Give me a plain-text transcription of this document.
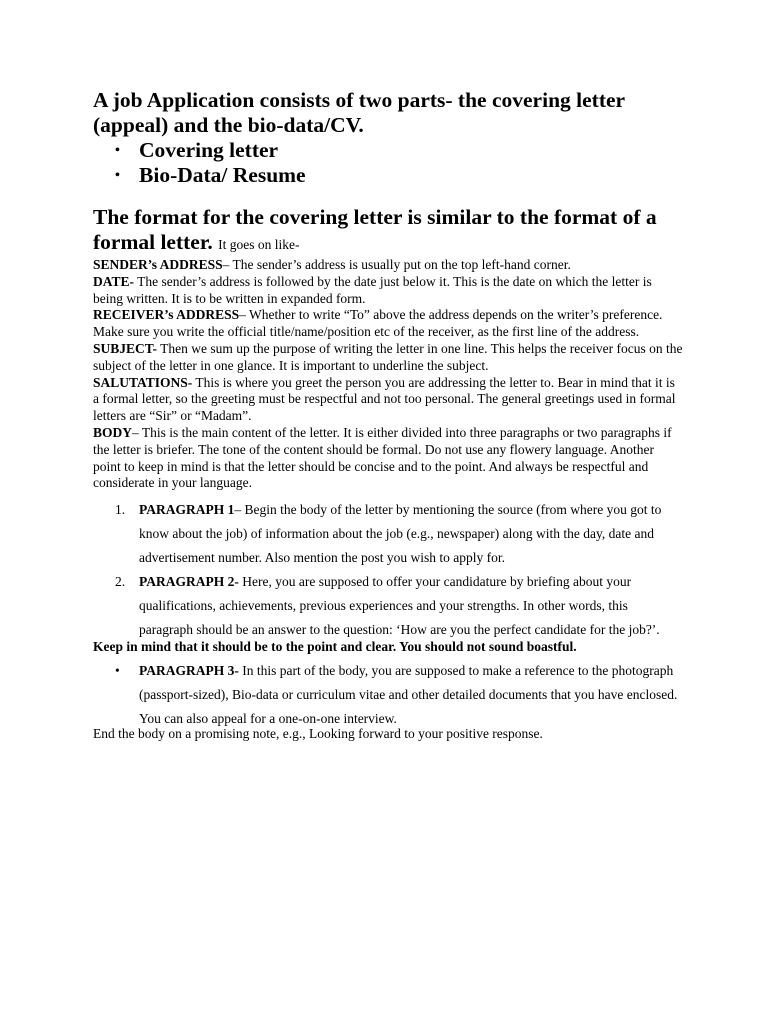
A job Application consists of two parts- the covering letter (appeal) and the bio-data/CV.

• Covering letter
• Bio-Data/ Resume

The format for the covering letter is similar to the format of a formal letter. It goes on like-

SENDER’s ADDRESS– The sender’s address is usually put on the top left-hand corner.

DATE- The sender’s address is followed by the date just below it. This is the date on which the letter is being written. It is to be written in expanded form.

RECEIVER’s ADDRESS– Whether to write “To” above the address depends on the writer’s preference. Make sure you write the official title/name/position etc of the receiver, as the first line of the address.

SUBJECT- Then we sum up the purpose of writing the letter in one line. This helps the receiver focus on the subject of the letter in one glance. It is important to underline the subject.

SALUTATIONS- This is where you greet the person you are addressing the letter to. Bear in mind that it is a formal letter, so the greeting must be respectful and not too personal. The general greetings used in formal letters are “Sir” or “Madam”.

BODY– This is the main content of the letter. It is either divided into three paragraphs or two paragraphs if the letter is briefer. The tone of the content should be formal. Do not use any flowery language. Another point to keep in mind is that the letter should be concise and to the point. And always be respectful and considerate in your language.

1. PARAGRAPH 1– Begin the body of the letter by mentioning the source (from where you got to know about the job) of information about the job (e.g., newspaper) along with the day, date and advertisement number. Also mention the post you wish to apply for.
2. PARAGRAPH 2- Here, you are supposed to offer your candidature by briefing about your qualifications, achievements, previous experiences and your strengths. In other words, this paragraph should be an answer to the question: ‘How are you the perfect candidate for the job?’.

Keep in mind that it should be to the point and clear. You should not sound boastful.

• PARAGRAPH 3- In this part of the body, you are supposed to make a reference to the photograph (passport-sized), Bio-data or curriculum vitae and other detailed documents that you have enclosed. You can also appeal for a one-on-one interview.

End the body on a promising note, e.g., Looking forward to your positive response.
